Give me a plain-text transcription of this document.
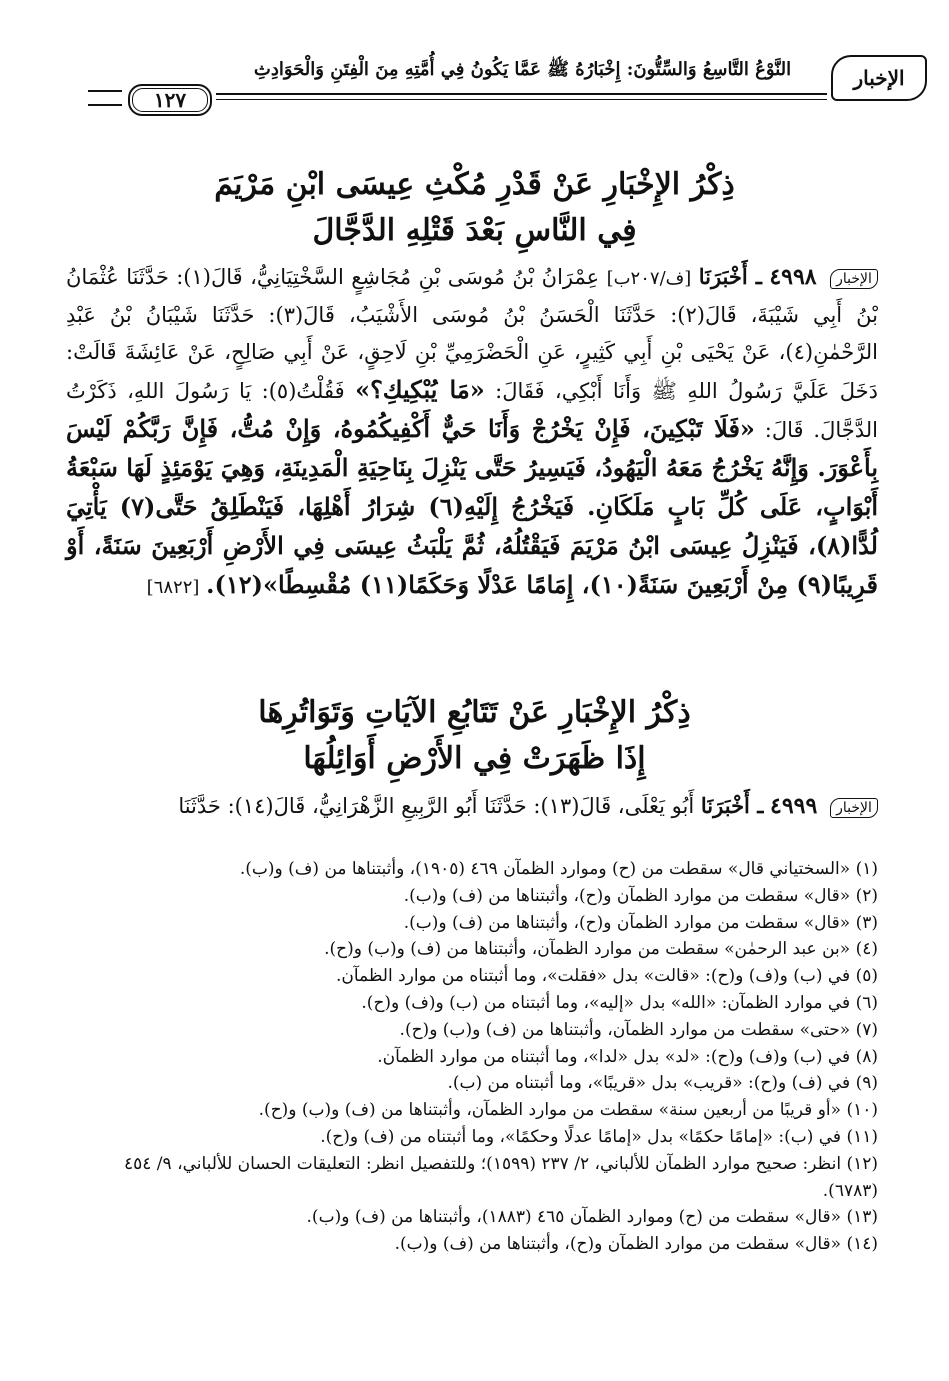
الإخبار
النَّوْعُ التَّاسِعُ وَالسِّتُّونَ: إِخْبَارُهُ ﷺ عَمَّا يَكُونُ فِي أُمَّتِهِ مِنَ الْفِتَنِ وَالْحَوَادِثِ
١٢٧
ذِكْرُ الإِخْبَارِ عَنْ قَدْرِ مُكْثِ عِيسَى ابْنِ مَرْيَمَ
فِي النَّاسِ بَعْدَ قَتْلِهِ الدَّجَّالَ
الإخبار ٤٩٩٨ ـ أَخْبَرَنَا [ف/٢٠٧ب] عِمْرَانُ بْنُ مُوسَى بْنِ مُجَاشِعٍ السَّخْتِيَانِيُّ، قَالَ(١): حَدَّثَنَا عُثْمَانُ بْنُ أَبِي شَيْبَةَ، قَالَ(٢): حَدَّثَنَا الْحَسَنُ بْنُ مُوسَى الأَشْيَبُ، قَالَ(٣): حَدَّثَنَا شَيْبَانُ بْنُ عَبْدِ الرَّحْمٰنِ(٤)، عَنْ يَحْيَى بْنِ أَبِي كَثِيرٍ، عَنِ الْحَضْرَمِيِّ بْنِ لَاحِقٍ، عَنْ أَبِي صَالِحٍ، عَنْ عَائِشَةَ قَالَتْ: دَخَلَ عَلَيَّ رَسُولُ اللهِ ﷺ وَأَنَا أَبْكِي، فَقَالَ: «مَا يُبْكِيكِ؟» فَقُلْتُ(٥): يَا رَسُولَ اللهِ، ذَكَرْتُ الدَّجَّالَ. قَالَ: «فَلَا تَبْكِينَ، فَإِنْ يَخْرُجْ وَأَنَا حَيٌّ أَكْفِيكُمُوهُ، وَإِنْ مُتُّ، فَإِنَّ رَبَّكُمْ لَيْسَ بِأَعْوَرَ. وَإِنَّهُ يَخْرُجُ مَعَهُ الْيَهُودُ، فَيَسِيرُ حَتَّى يَنْزِلَ بِنَاحِيَةِ الْمَدِينَةِ، وَهِيَ يَوْمَئِذٍ لَهَا سَبْعَةُ أَبْوَابٍ، عَلَى كُلِّ بَابٍ مَلَكَانِ. فَيَخْرُجُ إِلَيْهِ(٦) شِرَارُ أَهْلِهَا، فَيَنْطَلِقُ حَتَّى(٧) يَأْتِيَ لُدًّا(٨)، فَيَنْزِلُ عِيسَى ابْنُ مَرْيَمَ فَيَقْتُلُهُ، ثُمَّ يَلْبَثُ عِيسَى فِي الأَرْضِ أَرْبَعِينَ سَنَةً، أَوْ قَرِيبًا(٩) مِنْ أَرْبَعِينَ سَنَةً(١٠)، إِمَامًا عَدْلًا وَحَكَمًا(١١) مُقْسِطًا»(١٢). [٦٨٢٢]
ذِكْرُ الإِخْبَارِ عَنْ تَتَابُعِ الآيَاتِ وَتَوَاتُرِهَا
إِذَا ظَهَرَتْ فِي الأَرْضِ أَوَائِلُهَا
الإخبار ٤٩٩٩ ـ أَخْبَرَنَا أَبُو يَعْلَى، قَالَ(١٣): حَدَّثَنَا أَبُو الرَّبِيعِ الزَّهْرَانِيُّ، قَالَ(١٤): حَدَّثَنَا
(١) «السختياني قال» سقطت من (ح) وموارد الظمآن ٤٦٩ (١٩٠٥)، وأثبتناها من (ف) و(ب).
(٢) «قال» سقطت من موارد الظمآن و(ح)، وأثبتناها من (ف) و(ب).
(٣) «قال» سقطت من موارد الظمآن و(ح)، وأثبتناها من (ف) و(ب).
(٤) «بن عبد الرحمٰن» سقطت من موارد الظمآن، وأثبتناها من (ف) و(ب) و(ح).
(٥) في (ب) و(ف) و(ح): «قالت» بدل «فقلت»، وما أثبتناه من موارد الظمآن.
(٦) في موارد الظمآن: «الله» بدل «إليه»، وما أثبتناه من (ب) و(ف) و(ح).
(٧) «حتى» سقطت من موارد الظمآن، وأثبتناها من (ف) و(ب) و(ح).
(٨) في (ب) و(ف) و(ح): «لد» بدل «لدا»، وما أثبتناه من موارد الظمآن.
(٩) في (ف) و(ح): «قريب» بدل «قريبًا»، وما أثبتناه من (ب).
(١٠) «أو قريبًا من أربعين سنة» سقطت من موارد الظمآن، وأثبتناها من (ف) و(ب) و(ح).
(١١) في (ب): «إمامًا حكمًا» بدل «إمامًا عدلًا وحكمًا»، وما أثبتناه من (ف) و(ح).
(١٢) انظر: صحيح موارد الظمآن للألباني، ٢/ ٢٣٧ (١٥٩٩)؛ وللتفصيل انظر: التعليقات الحسان للألباني، ٩/ ٤٥٤ (٦٧٨٣).
(١٣) «قال» سقطت من (ح) وموارد الظمآن ٤٦٥ (١٨٨٣)، وأثبتناها من (ف) و(ب).
(١٤) «قال» سقطت من موارد الظمآن و(ح)، وأثبتناها من (ف) و(ب).
